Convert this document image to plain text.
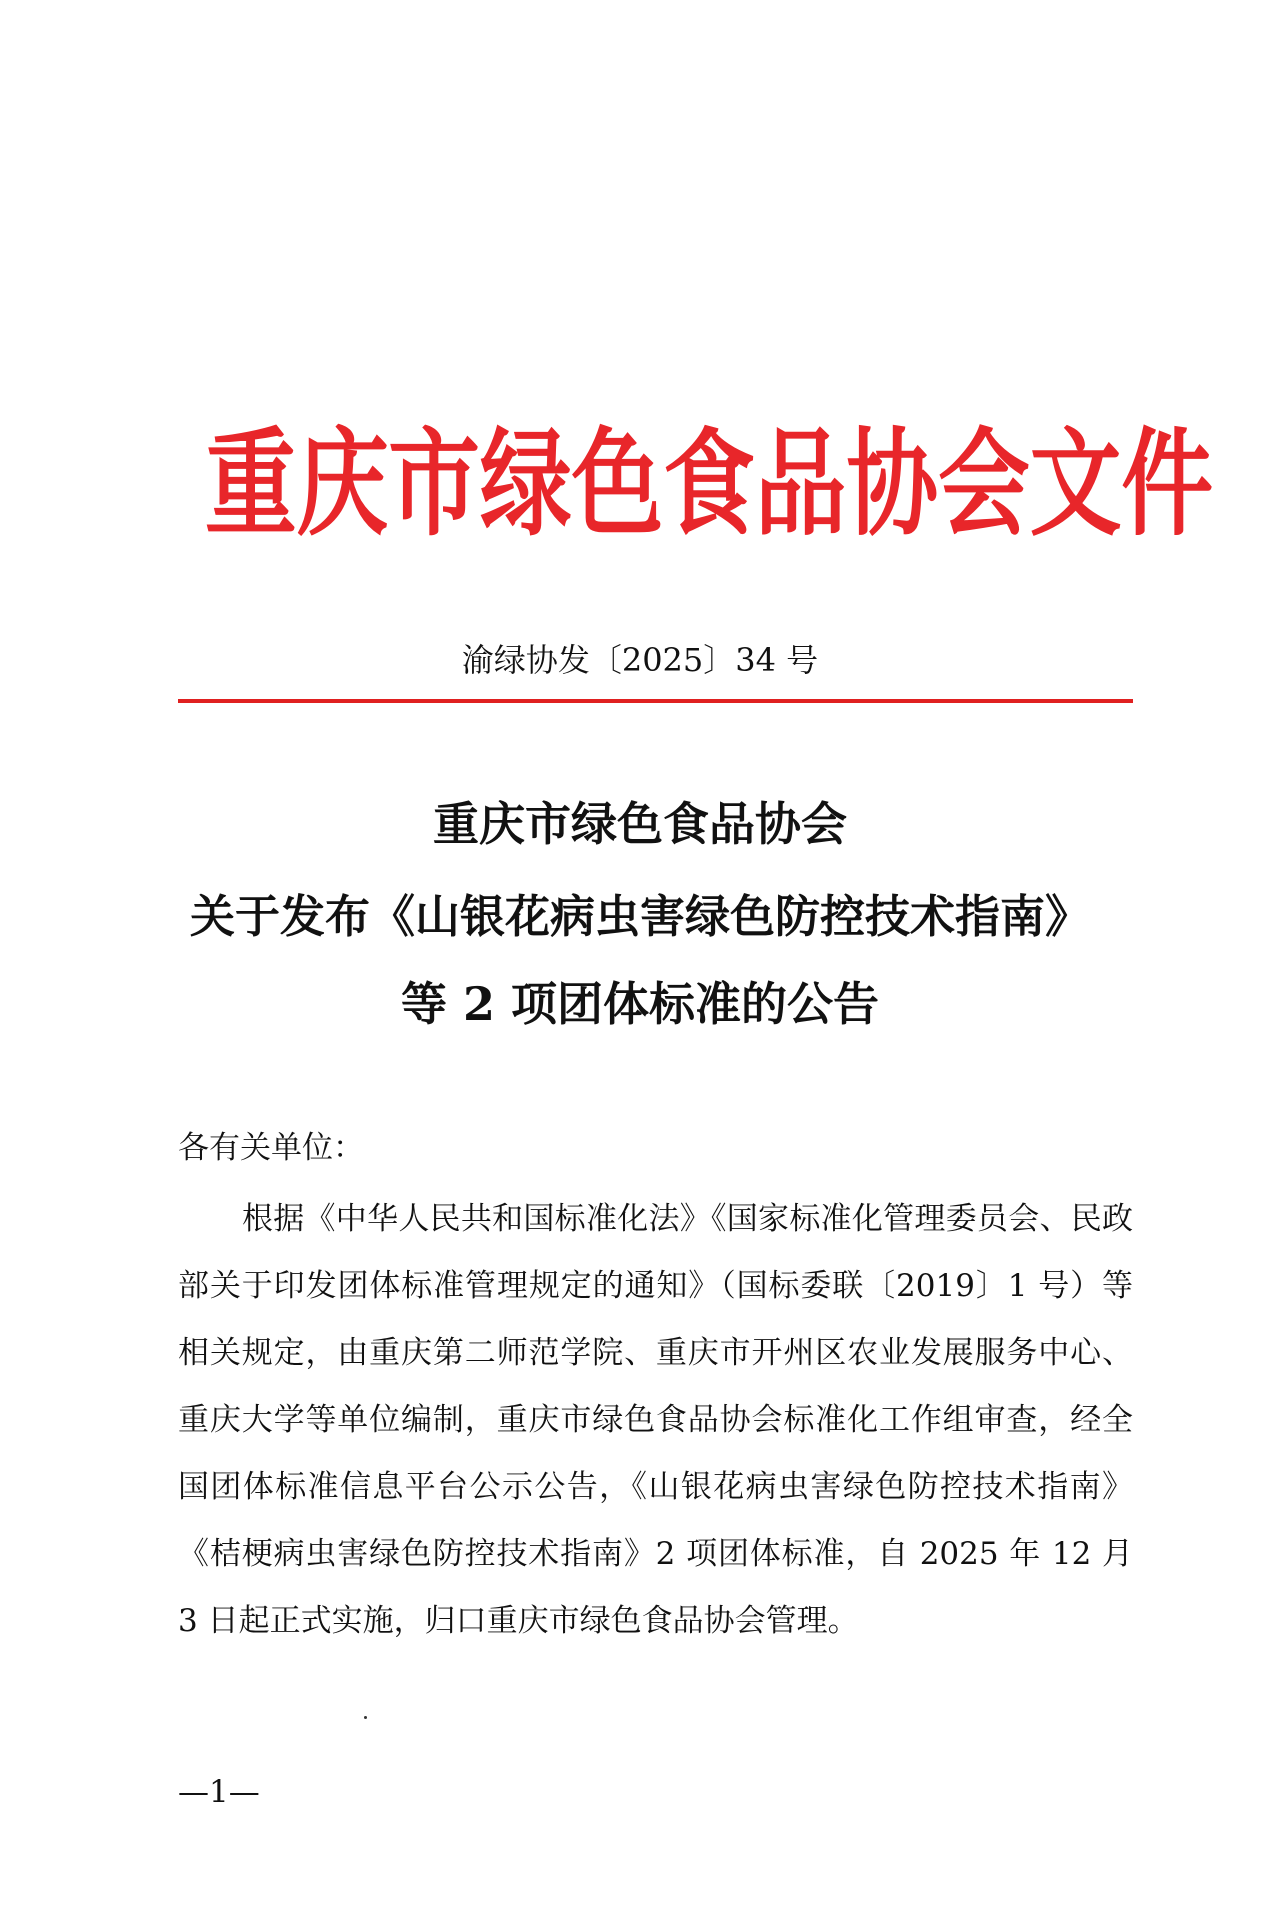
重庆市绿色食品协会文件
渝绿协发〔2025〕34 号
重庆市绿色食品协会
关于发布《山银花病虫害绿色防控技术指南》
等 2 项团体标准的公告
各有关单位：
根据《中华人民共和国标准化法》《国家标准化管理委员会、民政部关于印发团体标准管理规定的通知》（国标委联〔2019〕1 号）等相关规定，由重庆第二师范学院、重庆市开州区农业发展服务中心、重庆大学等单位编制，重庆市绿色食品协会标准化工作组审查，经全国团体标准信息平台公示公告，《山银花病虫害绿色防控技术指南》《桔梗病虫害绿色防控技术指南》2 项团体标准，自 2025 年 12 月 3 日起正式实施，归口重庆市绿色食品协会管理。
—1—
